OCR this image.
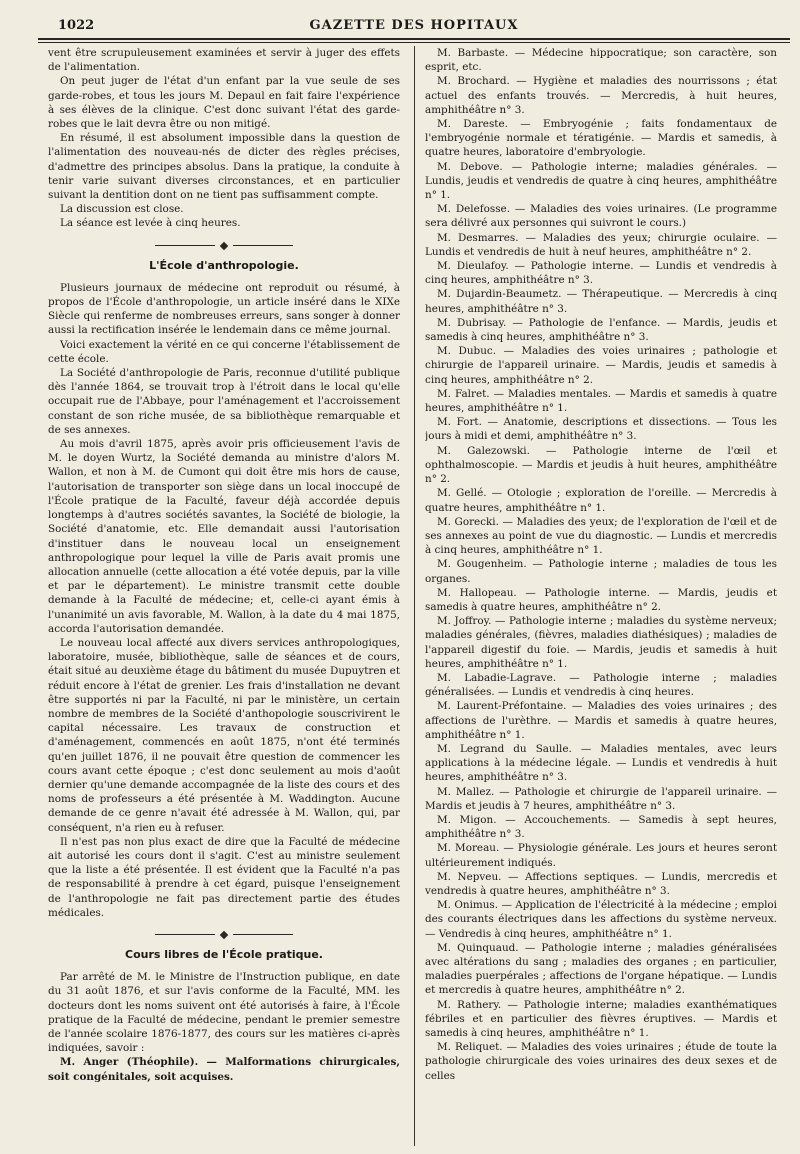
1022	GAZETTE DES HOPITAUX

vent être scrupuleusement examinées et servir à juger des effets de l'alimentation.

On peut juger de l'état d'un enfant par la vue seule de ses garde-robes, et tous les jours M. Depaul en fait faire l'expérience à ses élèves de la clinique. C'est donc suivant l'état des garde-robes que le lait devra être ou non mitigé.

En résumé, il est absolument impossible dans la question de l'alimentation des nouveau-nés de dicter des règles précises, d'admettre des principes absolus. Dans la pratique, la conduite à tenir varie suivant diverses circonstances, et en particulier suivant la dentition dont on ne tient pas suffisamment compte.

La discussion est close.

La séance est levée à cinq heures.

L'École d'anthropologie.

Plusieurs journaux de médecine ont reproduit ou résumé, à propos de l'École d'anthropologie, un article inséré dans le XIXe Siècle qui renferme de nombreuses erreurs, sans songer à donner aussi la rectification insérée le lendemain dans ce même journal.

Voici exactement la vérité en ce qui concerne l'établissement de cette école.

La Société d'anthropologie de Paris, reconnue d'utilité publique dès l'année 1864, se trouvait trop à l'étroit dans le local qu'elle occupait rue de l'Abbaye, pour l'aménagement et l'accroissement constant de son riche musée, de sa bibliothèque remarquable et de ses annexes.

Au mois d'avril 1875, après avoir pris officieusement l'avis de M. le doyen Wurtz, la Société demanda au ministre d'alors M. Wallon, et non à M. de Cumont qui doit être mis hors de cause, l'autorisation de transporter son siège dans un local inoccupé de l'École pratique de la Faculté, faveur déjà accordée depuis longtemps à d'autres sociétés savantes, la Société de biologie, la Société d'anatomie, etc. Elle demandait aussi l'autorisation d'instituer dans le nouveau local un enseignement anthropologique pour lequel la ville de Paris avait promis une allocation annuelle (cette allocation a été votée depuis, par la ville et par le département). Le ministre transmit cette double demande à la Faculté de médecine; et, celle-ci ayant émis à l'unanimité un avis favorable, M. Wallon, à la date du 4 mai 1875, accorda l'autorisation demandée.

Le nouveau local affecté aux divers services anthropologiques, laboratoire, musée, bibliothèque, salle de séances et de cours, était situé au deuxième étage du bâtiment du musée Dupuytren et réduit encore à l'état de grenier. Les frais d'installation ne devant être supportés ni par la Faculté, ni par le ministère, un certain nombre de membres de la Société d'anthopologie souscrivirent le capital nécessaire. Les travaux de construction et d'aménagement, commencés en août 1875, n'ont été terminés qu'en juillet 1876, il ne pouvait être question de commencer les cours avant cette époque ; c'est donc seulement au mois d'août dernier qu'une demande accompagnée de la liste des cours et des noms de professeurs a été présentée à M. Waddington. Aucune demande de ce genre n'avait été adressée à M. Wallon, qui, par conséquent, n'a rien eu à refuser.

Il n'est pas non plus exact de dire que la Faculté de médecine ait autorisé les cours dont il s'agit. C'est au ministre seulement que la liste a été présentée. Il est évident que la Faculté n'a pas de responsabilité à prendre à cet égard, puisque l'enseignement de l'anthropologie ne fait pas directement partie des études médicales.

Cours libres de l'École pratique.

Par arrêté de M. le Ministre de l'Instruction publique, en date du 31 août 1876, et sur l'avis conforme de la Faculté, MM. les docteurs dont les noms suivent ont été autorisés à faire, à l'École pratique de la Faculté de médecine, pendant le premier semestre de l'année scolaire 1876-1877, des cours sur les matières ci-après indiquées, savoir :

M. Anger (Théophile). — Malformations chirurgicales, soit congénitales, soit acquises.

M. Barbaste. — Médecine hippocratique; son caractère, son esprit, etc.

M. Brochard. — Hygiène et maladies des nourrissons ; état actuel des enfants trouvés. — Mercredis, à huit heures, amphithéâtre n° 3.

M. Dareste. — Embryogénie ; faits fondamentaux de l'embryogénie normale et tératigénie. — Mardis et samedis, à quatre heures, laboratoire d'embryologie.

M. Debove. — Pathologie interne; maladies générales. — Lundis, jeudis et vendredis de quatre à cinq heures, amphithéâtre n° 1.

M. Delefosse. — Maladies des voies urinaires. (Le programme sera délivré aux personnes qui suivront le cours.)

M. Desmarres. — Maladies des yeux; chirurgie oculaire. — Lundis et vendredis de huit à neuf heures, amphithéâtre n° 2.

M. Dieulafoy. — Pathologie interne. — Lundis et vendredis à cinq heures, amphithéâtre n° 3.

M. Dujardin-Beaumetz. — Thérapeutique. — Mercredis à cinq heures, amphithéâtre n° 3.

M. Dubrisay. — Pathologie de l'enfance. — Mardis, jeudis et samedis à cinq heures, amphithéâtre n° 3.

M. Dubuc. — Maladies des voies urinaires ; pathologie et chirurgie de l'appareil urinaire. — Mardis, jeudis et samedis à cinq heures, amphithéâtre n° 2.

M. Falret. — Maladies mentales. — Mardis et samedis à quatre heures, amphithéâtre n° 1.

M. Fort. — Anatomie, descriptions et dissections. — Tous les jours à midi et demi, amphithéâtre n° 3.

M. Galezowski. — Pathologie interne de l'œil et ophthalmoscopie. — Mardis et jeudis à huit heures, amphithéâtre n° 2.

M. Gellé. — Otologie ; exploration de l'oreille. — Mercredis à quatre heures, amphithéâtre n° 1.

M. Gorecki. — Maladies des yeux; de l'exploration de l'œil et de ses annexes au point de vue du diagnostic. — Lundis et mercredis à cinq heures, amphithéâtre n° 1.

M. Gougenheim. — Pathologie interne ; maladies de tous les organes.

M. Hallopeau. — Pathologie interne. — Mardis, jeudis et samedis à quatre heures, amphithéâtre n° 2.

M. Joffroy. — Pathologie interne ; maladies du système nerveux; maladies générales, (fièvres, maladies diathésiques) ; maladies de l'appareil digestif du foie. — Mardis, jeudis et samedis à huit heures, amphithéâtre n° 1.

M. Labadie-Lagrave. — Pathologie interne ; maladies généralisées. — Lundis et vendredis à cinq heures.

M. Laurent-Préfontaine. — Maladies des voies urinaires ; des affections de l'urèthre. — Mardis et samedis à quatre heures, amphithéâtre n° 1.

M. Legrand du Saulle. — Maladies mentales, avec leurs applications à la médecine légale. — Lundis et vendredis à huit heures, amphithéâtre n° 3.

M. Mallez. — Pathologie et chirurgie de l'appareil urinaire. — Mardis et jeudis à 7 heures, amphithéâtre n° 3.

M. Migon. — Accouchements. — Samedis à sept heures, amphithéâtre n° 3.

M. Moreau. — Physiologie générale. Les jours et heures seront ultérieurement indiqués.

M. Nepveu. — Affections septiques. — Lundis, mercredis et vendredis à quatre heures, amphithéâtre n° 3.

M. Onimus. — Application de l'électricité à la médecine ; emploi des courants électriques dans les affections du système nerveux. — Vendredis à cinq heures, amphithéâtre n° 1.

M. Quinquaud. — Pathologie interne ; maladies généralisées avec altérations du sang ; maladies des organes ; en particulier, maladies puerpérales ; affections de l'organe hépatique. — Lundis et mercredis à quatre heures, amphithéâtre n° 2.

M. Rathery. — Pathologie interne; maladies exanthématiques fébriles et en particulier des fièvres éruptives. — Mardis et samedis à cinq heures, amphithéâtre n° 1.

M. Reliquet. — Maladies des voies urinaires ; étude de toute la pathologie chirurgicale des voies urinaires des deux sexes et de celles
